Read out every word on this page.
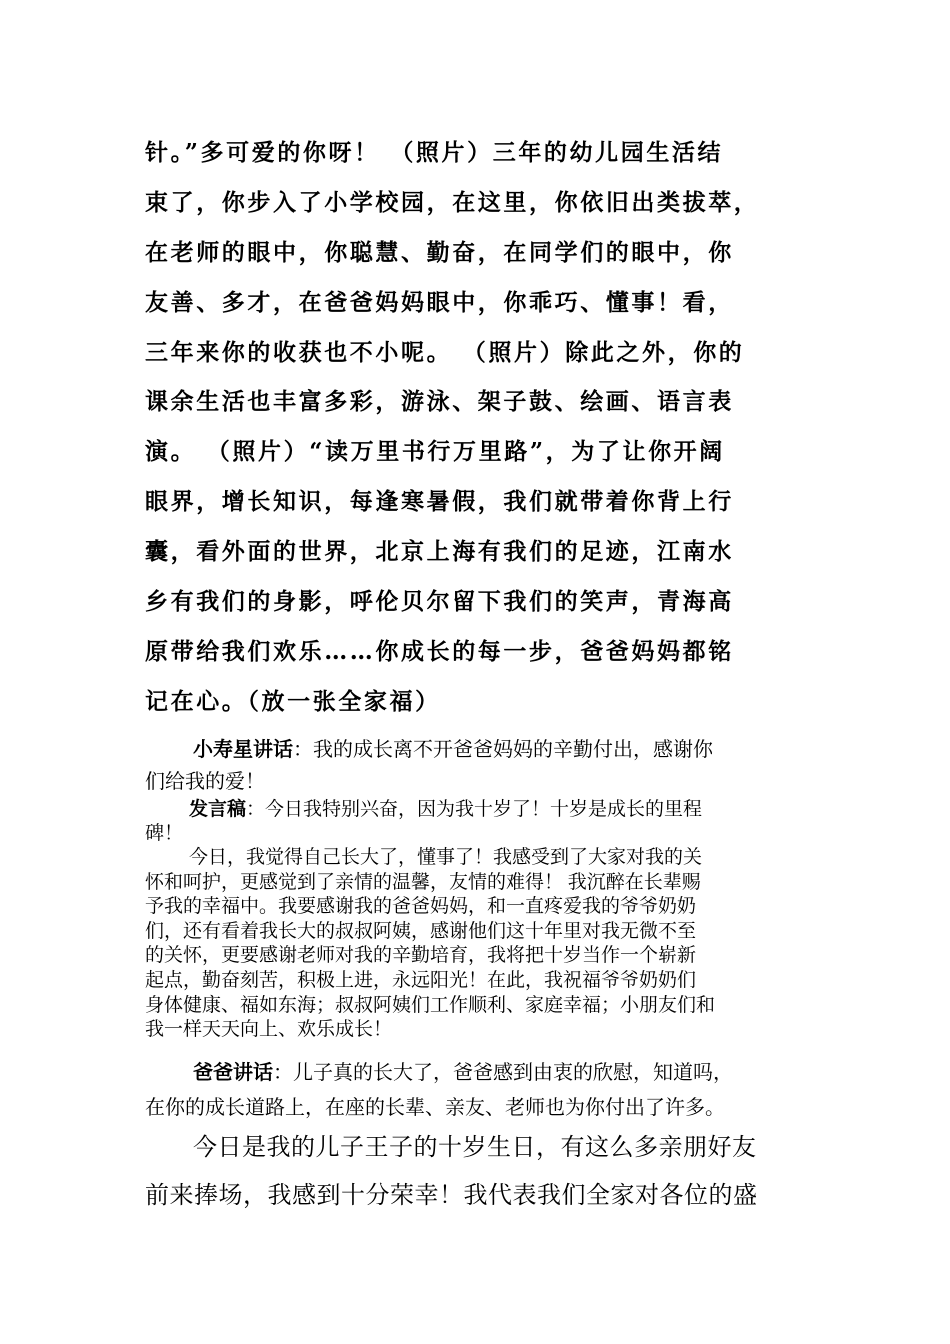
针。”多可爱的你呀！ （照片）三年的幼儿园生活结
束了，你步入了小学校园，在这里，你依旧出类拔萃，
在老师的眼中，你聪慧、勤奋，在同学们的眼中，你
友善、多才，在爸爸妈妈眼中，你乖巧、懂事！看，
三年来你的收获也不小呢。 （照片）除此之外，你的
课余生活也丰富多彩，游泳、架子鼓、绘画、语言表
演。 （照片）“读万里书行万里路”，为了让你开阔
眼界，增长知识，每逢寒暑假，我们就带着你背上行
囊，看外面的世界，北京上海有我们的足迹，江南水
乡有我们的身影，呼伦贝尔留下我们的笑声，青海高
原带给我们欢乐……你成长的每一步，爸爸妈妈都铭
记在心。（放一张全家福）
小寿星讲话：我的成长离不开爸爸妈妈的辛勤付出，感谢你
们给我的爱！
发言稿：今日我特别兴奋，因为我十岁了！十岁是成长的里程
碑！
今日，我觉得自己长大了，懂事了！我感受到了大家对我的关
怀和呵护，更感觉到了亲情的温馨，友情的难得！ 我沉醉在长辈赐
予我的幸福中。我要感谢我的爸爸妈妈，和一直疼爱我的爷爷奶奶
们，还有看着我长大的叔叔阿姨，感谢他们这十年里对我无微不至
的关怀，更要感谢老师对我的辛勤培育，我将把十岁当作一个崭新
起点，勤奋刻苦，积极上进，永远阳光！在此，我祝福爷爷奶奶们
身体健康、福如东海；叔叔阿姨们工作顺利、家庭幸福；小朋友们和
我一样天天向上、欢乐成长！
爸爸讲话：儿子真的长大了，爸爸感到由衷的欣慰，知道吗，
在你的成长道路上，在座的长辈、亲友、老师也为你付出了许多。
今日是我的儿子王子的十岁生日，有这么多亲朋好友
前来捧场，我感到十分荣幸！我代表我们全家对各位的盛
